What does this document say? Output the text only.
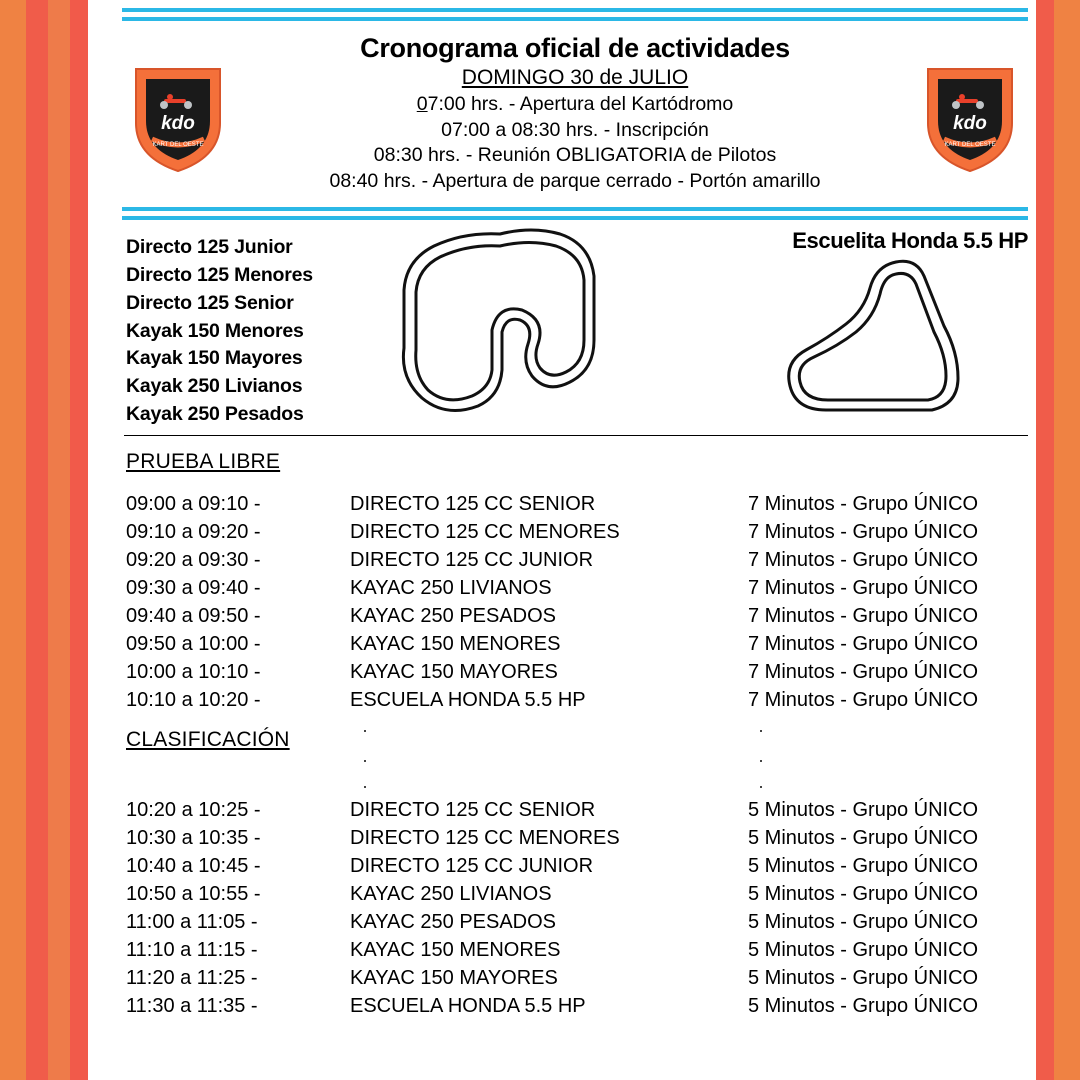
kdo
KART DEL OESTE
kdo
KART DEL OESTE
Cronograma oficial de actividades
DOMINGO 30 de JULIO
07:00 hrs. - Apertura del Kartódromo
07:00 a 08:30 hrs. - Inscripción
08:30 hrs. - Reunión OBLIGATORIA de Pilotos
08:40 hrs. - Apertura de parque cerrado - Portón amarillo
Directo 125 Junior
Directo 125 Menores
Directo 125 Senior
Kayak 150 Menores
Kayak 150 Mayores
Kayak 250 Livianos
Kayak 250 Pesados
Escuelita Honda 5.5 HP
PRUEBA LIBRE
09:00 a 09:10 -	DIRECTO 125 CC SENIOR	7 Minutos - Grupo ÚNICO
09:10 a 09:20 -	DIRECTO 125 CC MENORES	7 Minutos - Grupo ÚNICO
09:20 a 09:30 -	DIRECTO 125 CC JUNIOR	7 Minutos - Grupo ÚNICO
09:30 a 09:40 -	KAYAC 250 LIVIANOS	7 Minutos - Grupo ÚNICO
09:40 a 09:50 -	KAYAC 250 PESADOS	7 Minutos - Grupo ÚNICO
09:50 a 10:00 -	KAYAC 150 MENORES	7 Minutos - Grupo ÚNICO
10:00 a 10:10 -	KAYAC 150 MAYORES	7 Minutos - Grupo ÚNICO
10:10 a 10:20 -	ESCUELA HONDA 5.5 HP	7 Minutos - Grupo ÚNICO
CLASIFICACIÓN
10:20 a 10:25 -	DIRECTO 125 CC SENIOR	5 Minutos - Grupo ÚNICO
10:30 a 10:35 -	DIRECTO 125 CC MENORES	5 Minutos - Grupo ÚNICO
10:40 a 10:45 -	DIRECTO 125 CC JUNIOR	5 Minutos - Grupo ÚNICO
10:50 a 10:55 -	KAYAC 250 LIVIANOS	5 Minutos - Grupo ÚNICO
11:00 a 11:05 -	KAYAC 250 PESADOS	5 Minutos - Grupo ÚNICO
11:10 a 11:15 -	KAYAC 150 MENORES	5 Minutos - Grupo ÚNICO
11:20 a 11:25 -	KAYAC 150 MAYORES	5 Minutos - Grupo ÚNICO
11:30 a 11:35 -	ESCUELA HONDA 5.5 HP	5 Minutos - Grupo ÚNICO
